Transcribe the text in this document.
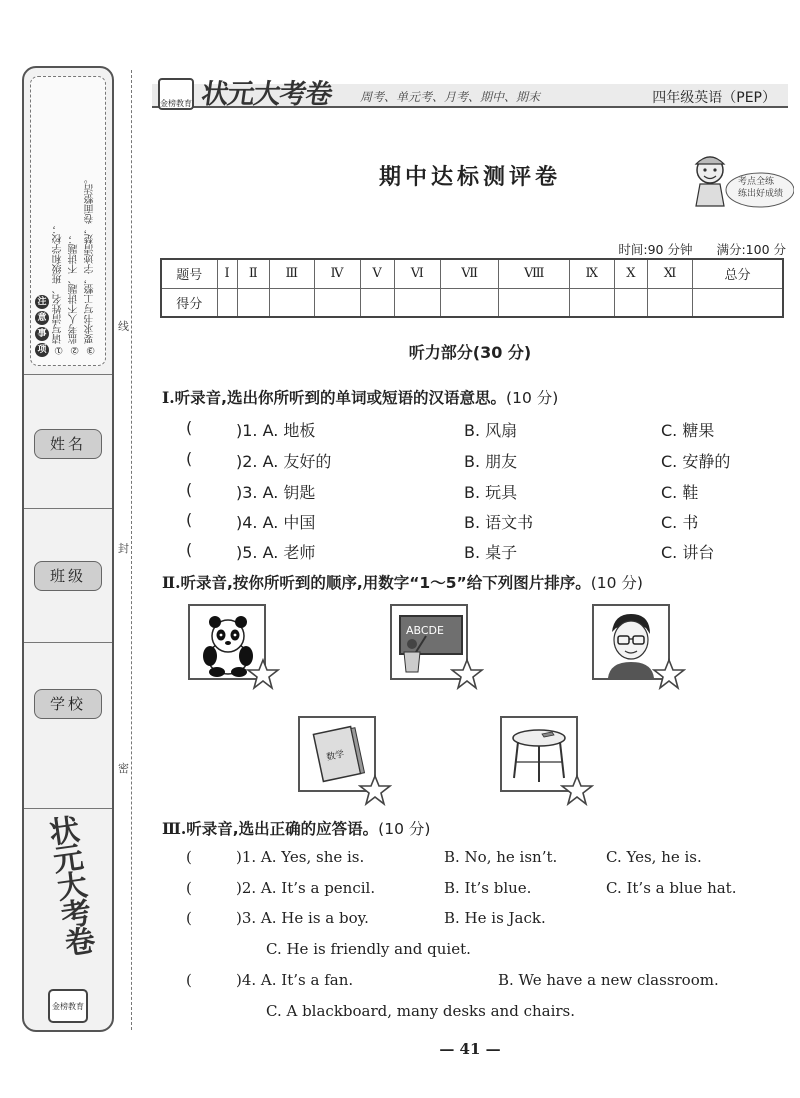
①请写清姓名、班级和学校； ②监考人不讲题、不讲题； ③要求书写工整，字迹清楚，卷面整洁。
注
意
事
项
姓名
班级
学校
状元大考卷
金榜教育
线
封
密
金榜教育 状元大考卷 周考、单元考、月考、期中、期末	四年级英语（PEP）
期中达标测评卷	考点全练
练出好成绩
时间:90 分钟 满分:100 分
题号	Ⅰ	Ⅱ	Ⅲ	Ⅳ	Ⅴ	Ⅵ	Ⅶ	Ⅷ	Ⅸ	Ⅹ	Ⅺ	总分
得分												
听力部分(30 分)
Ⅰ.听录音,选出你所听到的单词或短语的汉语意思。(10 分)
(	)1. A. 地板	B. 风扇	C. 糖果
(	)2. A. 友好的	B. 朋友	C. 安静的
(	)3. A. 钥匙	B. 玩具	C. 鞋
(	)4. A. 中国	B. 语文书	C. 书
(	)5. A. 老师	B. 桌子	C. 讲台
Ⅱ.听录音,按你所听到的顺序,用数字“1～5”给下列图片排序。(10 分)
ABCDE
数学
Ⅲ.听录音,选出正确的应答语。(10 分)
(	)1. A. Yes, she is.	B. No, he isn’t.	C. Yes, he is.
(	)2. A. It’s a pencil.	B. It’s blue.	C. It’s a blue hat.
(	)3. A. He is a boy.	B. He is Jack.
C. He is friendly and quiet.
(	)4. A. It’s a fan.	B. We have a new classroom.
C. A blackboard, many desks and chairs.
— 41 —
